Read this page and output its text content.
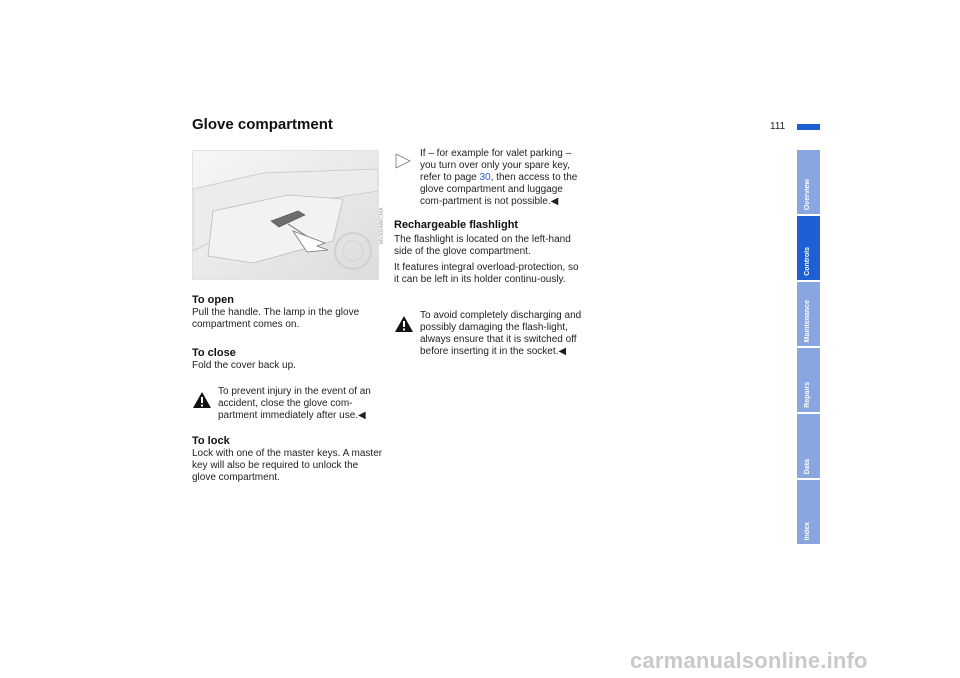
Glove compartment	111
MV0024AKCMA
To open

Pull the handle. The lamp in the glove compartment comes on.

To close

Fold the cover back up.

To prevent injury in the event of an accident, close the glove com-partment immediately after use.◀

To lock

Lock with one of the master keys. A master key will also be required to unlock the glove compartment.

If – for example for valet parking – you turn over only your spare key, refer to page 30, then access to the glove compartment and luggage com-partment is not possible.◀

Rechargeable flashlight

The flashlight is located on the left-hand side of the glove compartment.

It features integral overload-protection, so it can be left in its holder continu-ously.

To avoid completely discharging and possibly damaging the flash-light, always ensure that it is switched off before inserting it in the socket.◀

Overview
Controls
Maintenance
Repairs
Data
Index
carmanualsonline.info
